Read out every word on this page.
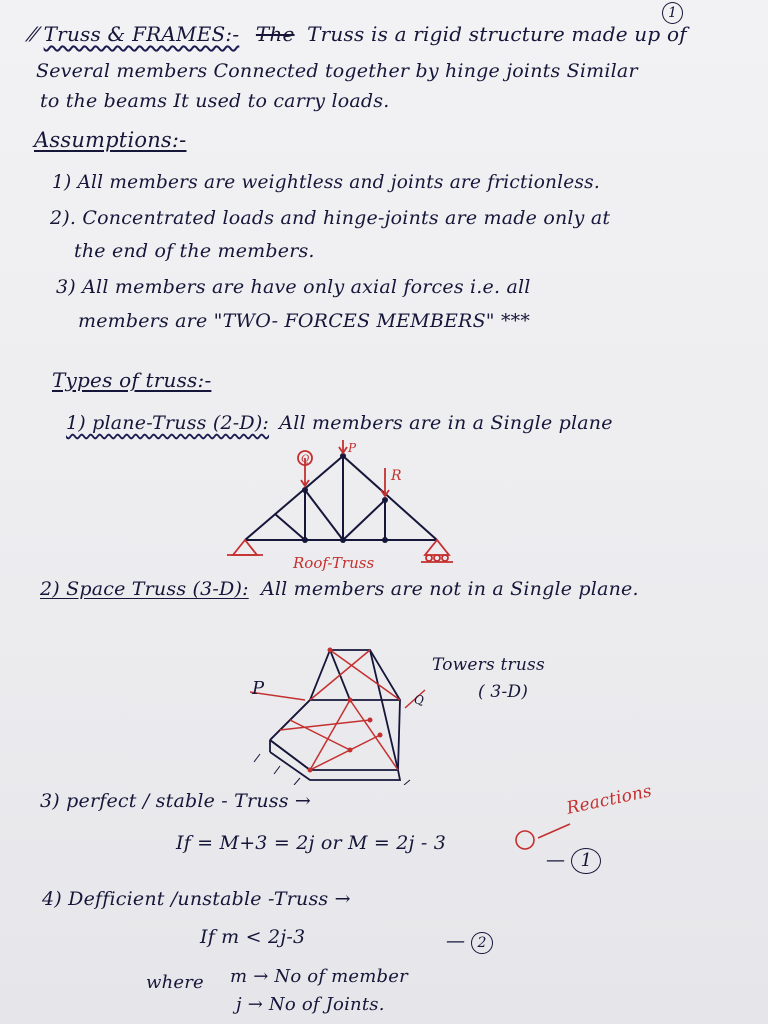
1
⁄⁄ Truss & FRAMES:- The Truss is a rigid structure made up of
Several members Connected together by hinge joints Similar
to the beams It used to carry loads.
Assumptions:-
1) All members are weightless and joints are frictionless.
2). Concentrated loads and hinge-joints are made only at
the end of the members.
3) All members are have only axial forces i.e. all
members are "TWO- FORCES MEMBERS" ***
Types of truss:-
1) plane-Truss (2-D): All members are in a Single plane
Q
P
R
Roof-Truss
2) Space Truss (3-D): All members are not in a Single plane.
P
Q
Towers truss
( 3-D)
3) perfect / stable - Truss →
If = M+3 = 2j or M = 2j - 3
Reactions
— 1
4) Defficient /unstable -Truss →
If m < 2j-3	— 2
where m → No of member
j → No of Joints.
